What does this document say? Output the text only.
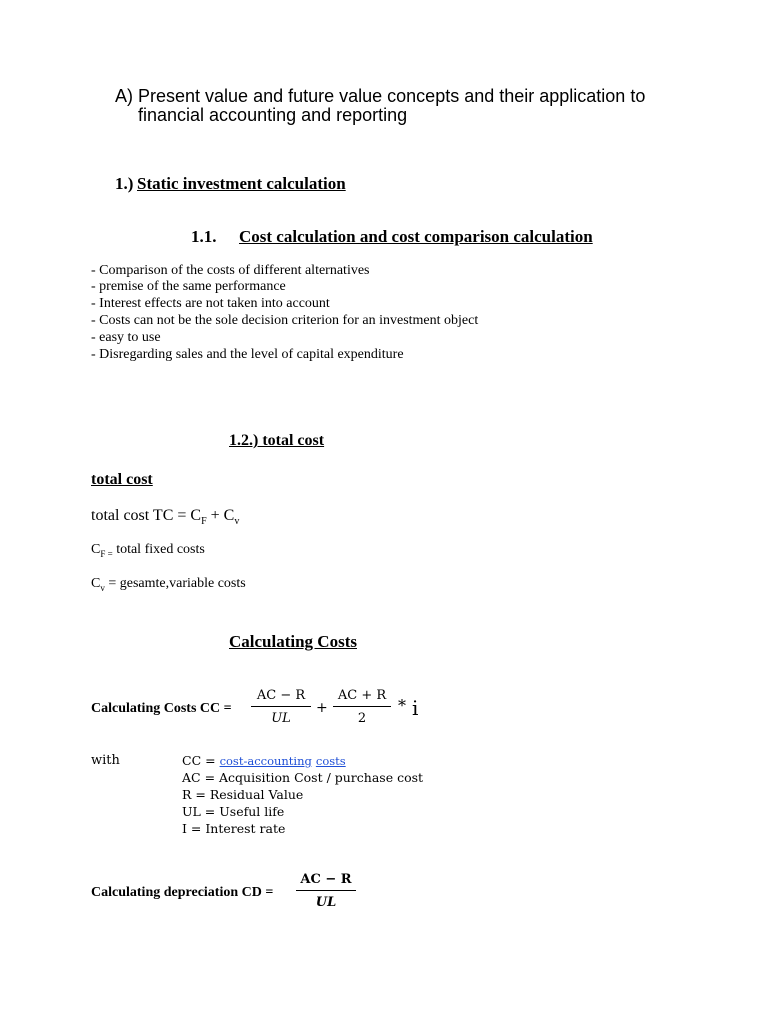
A) Present value and future value concepts and their application to
financial accounting and reporting
1.) Static investment calculation
1.1. Cost calculation and cost comparison calculation
- Comparison of the costs of different alternatives
- premise of the same performance
- Interest effects are not taken into account
- Costs can not be the sole decision criterion for an investment object
- easy to use
- Disregarding sales and the level of capital expenditure
1.2.) total cost
total cost
total cost TC = $C_F + C_v$
$C_{F =}$ total fixed costs
$C_v$ = gesamte,variable costs
Calculating Costs
Calculating Costs CC =
AC − R
UL
+
AC + R
2
* i
with	CC = cost-accounting costs
AC = Acquisition Cost / purchase cost
R = Residual Value
UL = Useful life
I = Interest rate
Calculating depreciation CD =
AC − R
UL
